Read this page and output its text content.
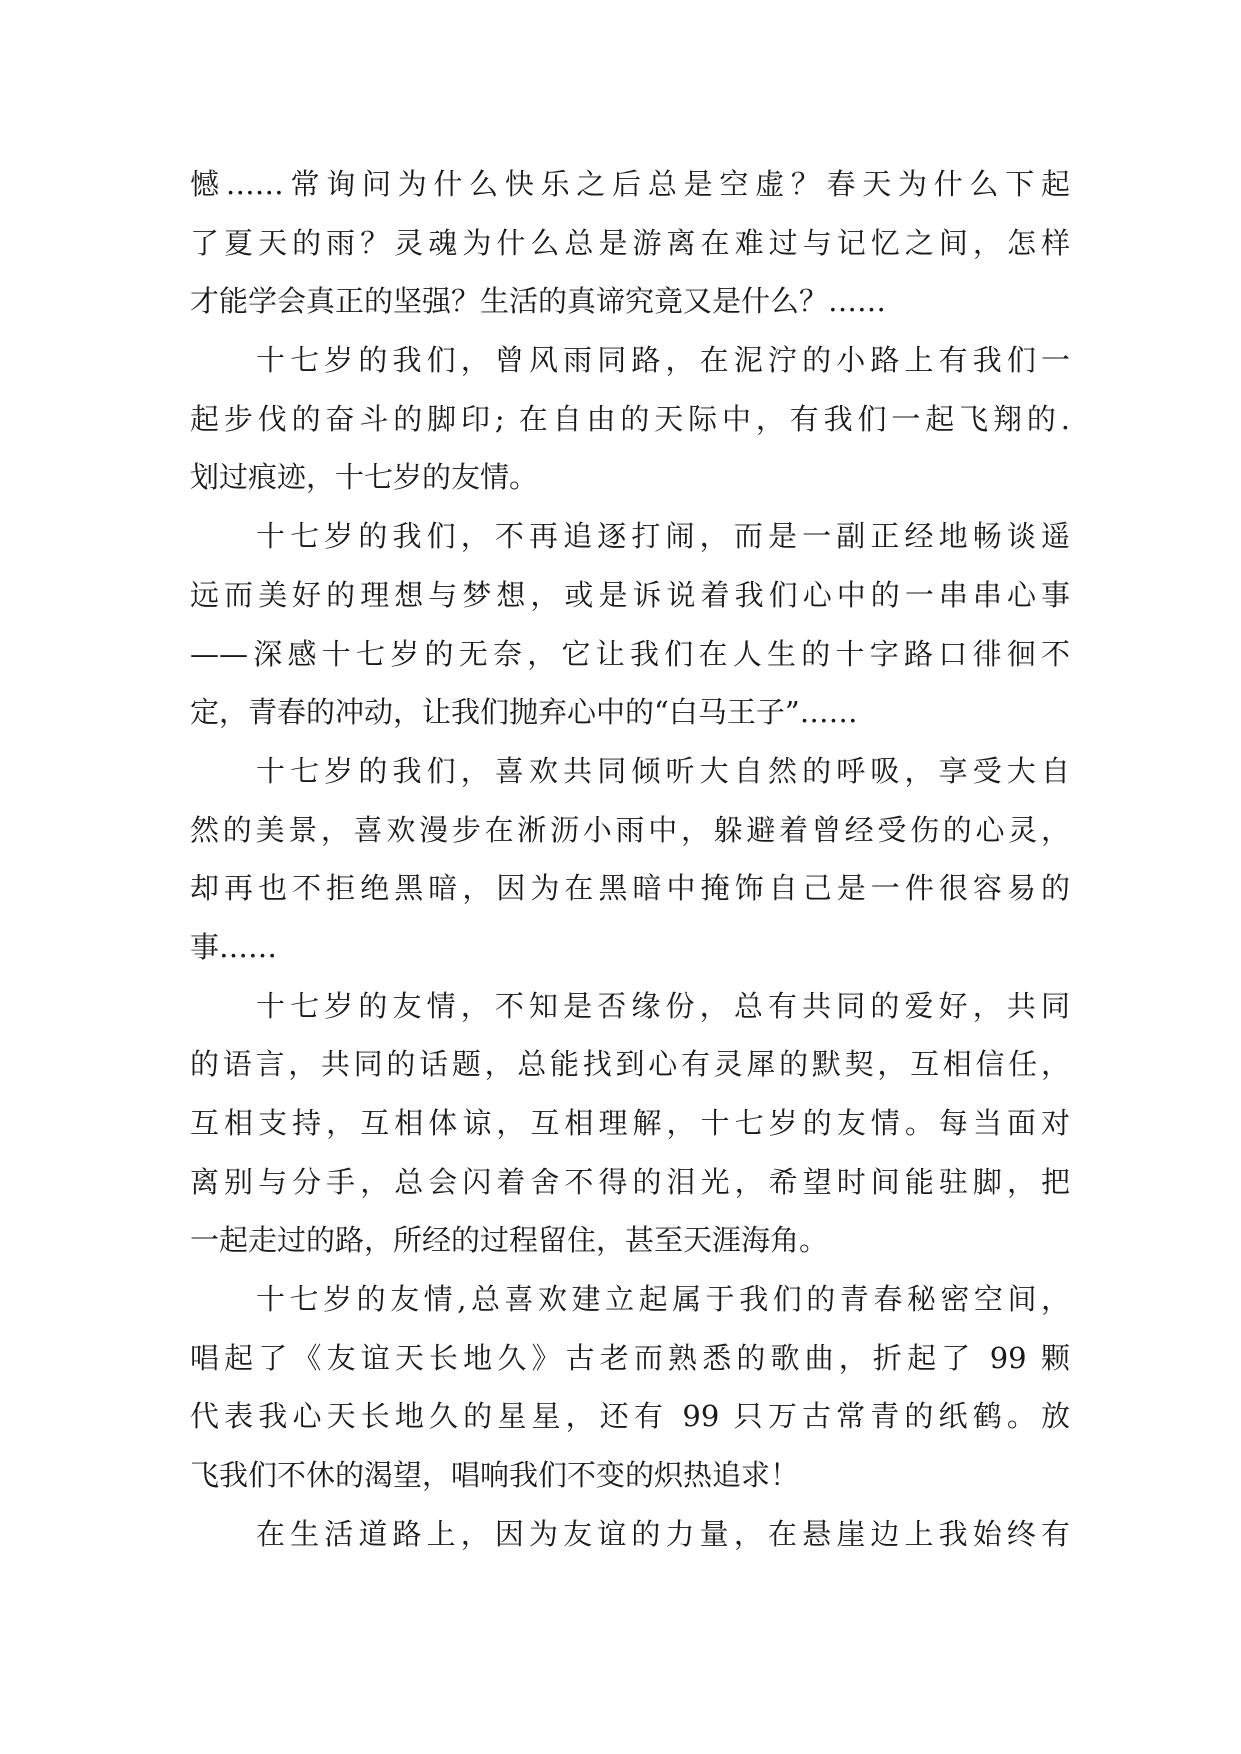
憾……常询问为什么快乐之后总是空虚？春天为什么下起
了夏天的雨？灵魂为什么总是游离在难过与记忆之间，怎样
才能学会真正的坚强？生活的真谛究竟又是什么？……
十七岁的我们，曾风雨同路，在泥泞的小路上有我们一
起步伐的奋斗的脚印; 在自由的天际中，有我们一起飞翔的.
划过痕迹，十七岁的友情。
十七岁的我们，不再追逐打闹，而是一副正经地畅谈遥
远而美好的理想与梦想，或是诉说着我们心中的一串串心事
——深感十七岁的无奈，它让我们在人生的十字路口徘徊不
定，青春的冲动，让我们抛弃心中的“白马王子”……
十七岁的我们，喜欢共同倾听大自然的呼吸，享受大自
然的美景，喜欢漫步在淅沥小雨中，躲避着曾经受伤的心灵，
却再也不拒绝黑暗，因为在黑暗中掩饰自己是一件很容易的
事……
十七岁的友情，不知是否缘份，总有共同的爱好，共同
的语言，共同的话题，总能找到心有灵犀的默契，互相信任，
互相支持，互相体谅，互相理解，十七岁的友情。每当面对
离别与分手，总会闪着舍不得的泪光，希望时间能驻脚，把
一起走过的路，所经的过程留住，甚至天涯海角。
十七岁的友情,总喜欢建立起属于我们的青春秘密空间，
唱起了《友谊天长地久》古老而熟悉的歌曲，折起了 99 颗
代表我心天长地久的星星，还有 99 只万古常青的纸鹤。放
飞我们不休的渴望，唱响我们不变的炽热追求！
在生活道路上，因为友谊的力量，在悬崖边上我始终有
